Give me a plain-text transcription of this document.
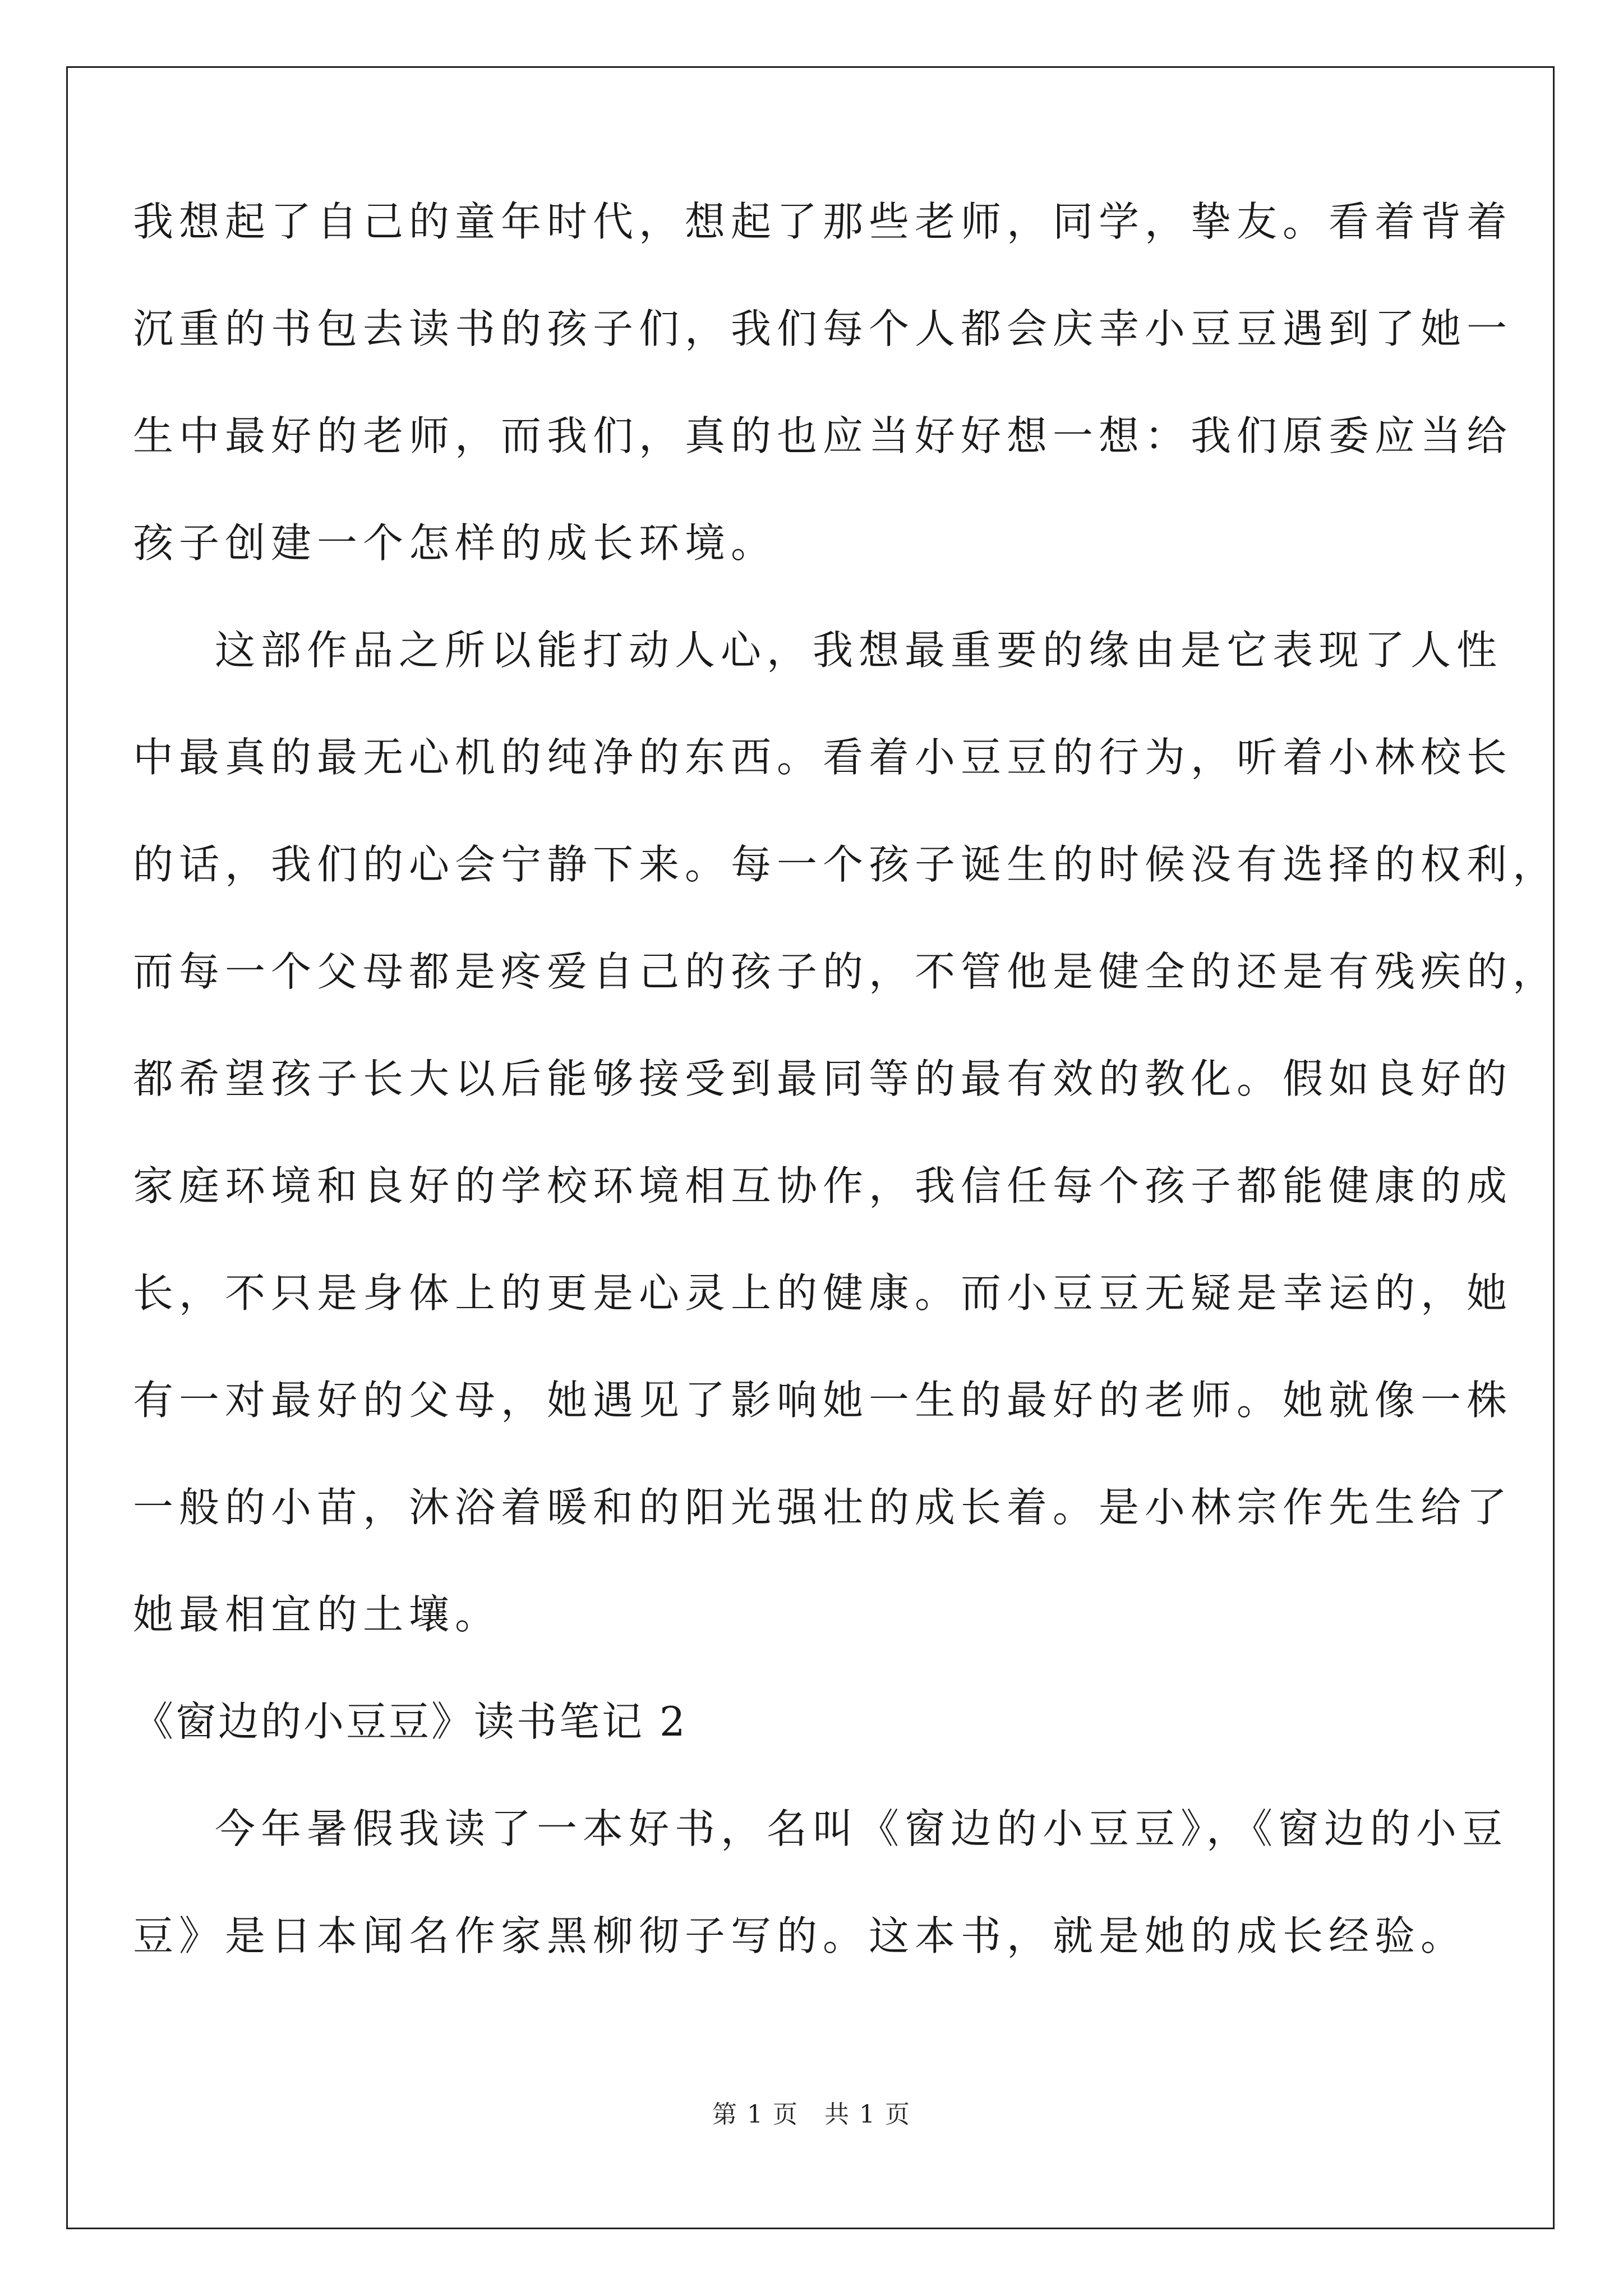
我想起了自己的童年时代，想起了那些老师，同学，挚友。看着背着
沉重的书包去读书的孩子们，我们每个人都会庆幸小豆豆遇到了她一
生中最好的老师，而我们，真的也应当好好想一想：我们原委应当给
孩子创建一个怎样的成长环境。
这部作品之所以能打动人心，我想最重要的缘由是它表现了人性
中最真的最无心机的纯净的东西。看着小豆豆的行为，听着小林校长
的话，我们的心会宁静下来。每一个孩子诞生的时候没有选择的权利，
而每一个父母都是疼爱自己的孩子的，不管他是健全的还是有残疾的，
都希望孩子长大以后能够接受到最同等的最有效的教化。假如良好的
家庭环境和良好的学校环境相互协作，我信任每个孩子都能健康的成
长，不只是身体上的更是心灵上的健康。而小豆豆无疑是幸运的，她
有一对最好的父母，她遇见了影响她一生的最好的老师。她就像一株
一般的小苗，沐浴着暖和的阳光强壮的成长着。是小林宗作先生给了
她最相宜的土壤。
《窗边的小豆豆》读书笔记 2
今年暑假我读了一本好书，名叫《窗边的小豆豆》，《窗边的小豆
豆》是日本闻名作家黑柳彻子写的。这本书，就是她的成长经验。
第 1 页　共 1 页
